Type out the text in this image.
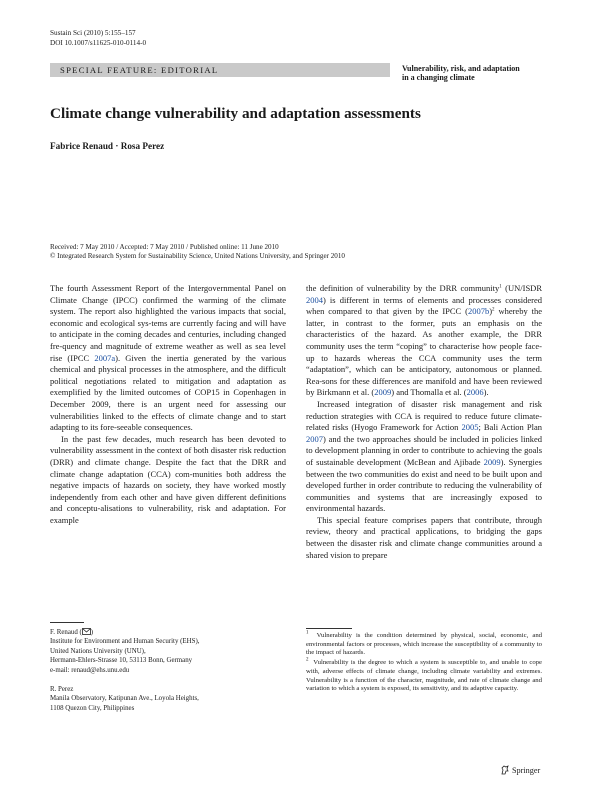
Sustain Sci (2010) 5:155–157
DOI 10.1007/s11625-010-0114-0
SPECIAL FEATURE: EDITORIAL	Vulnerability, risk, and adaptation
in a changing climate
Climate change vulnerability and adaptation assessments
Fabrice Renaud · Rosa Perez
Received: 7 May 2010 / Accepted: 7 May 2010 / Published online: 11 June 2010
© Integrated Research System for Sustainability Science, United Nations University, and Springer 2010

The fourth Assessment Report of the Intergovernmental Panel on Climate Change (IPCC) confirmed the warming of the climate system. The report also highlighted the various impacts that social, economic and ecological sys-tems are currently facing and will have to anticipate in the coming decades and centuries, including changed fre-quency and magnitude of extreme weather as well as sea level rise (IPCC 2007a). Given the inertia generated by the various chemical and physical processes in the atmosphere, and the difficult political negotiations related to mitigation and adaptation as exemplified by the limited outcomes of COP15 in Copenhagen in December 2009, there is an urgent need for assessing our vulnerabilities linked to the effects of climate change and to start adapting to its fore-seeable consequences.

In the past few decades, much research has been devoted to vulnerability assessment in the context of both disaster risk reduction (DRR) and climate change. Despite the fact that the DRR and climate change adaptation (CCA) com-munities both address the negative impacts of hazards on society, they have worked mostly independently from each other and have given different definitions and conceptu-alisations to vulnerability, risk and adaptation. For example

F. Renaud ( )

Institute for Environment and Human Security (EHS),

United Nations University (UNU),

Hermann-Ehlers-Strasse 10, 53113 Bonn, Germany

e-mail: renaud@ehs.unu.edu

R. Perez

Manila Observatory, Katipunan Ave., Loyola Heights,

1108 Quezon City, Philippines

the definition of vulnerability by the DRR community$^1$ (UN/ISDR 2004) is different in terms of elements and processes considered when compared to that given by the IPCC $(2007b)^2$ whereby the latter, in contrast to the former, puts an emphasis on the characteristics of the hazard. As another example, the DRR community uses the term “coping” to characterise how people face-up to hazards whereas the CCA community uses the term “adaptation”, which can be anticipatory, autonomous or planned. Rea-sons for these differences are manifold and have been reviewed by Birkmann et al. (2009) and Thomalla et al. (2006).

Increased integration of disaster risk management and risk reduction strategies with CCA is required to reduce future climate-related risks (Hyogo Framework for Action 2005; Bali Action Plan 2007) and the two approaches should be included in policies linked to development planning in order to contribute to achieving the goals of sustainable development (McBean and Ajibade 2009). Synergies between the two communities do exist and need to be built upon and developed further in order contribute to reducing the vulnerability of communities and systems that are increasingly exposed to environmental hazards.

This special feature comprises papers that contribute, through review, theory and practical applications, to bridging the gaps between the disaster risk and climate change communities around a shared vision to prepare

$^1$ Vulnerability is the condition determined by physical, social, economic, and environmental factors or processes, which increase the susceptibility of a community to the impact of hazards.

$^2$ Vulnerability is the degree to which a system is susceptible to, and unable to cope with, adverse effects of climate change, including climate variability and extremes. Vulnerability is a function of the character, magnitude, and rate of climate change and variation to which a system is exposed, its sensitivity, and its adaptive capacity.

Springer
